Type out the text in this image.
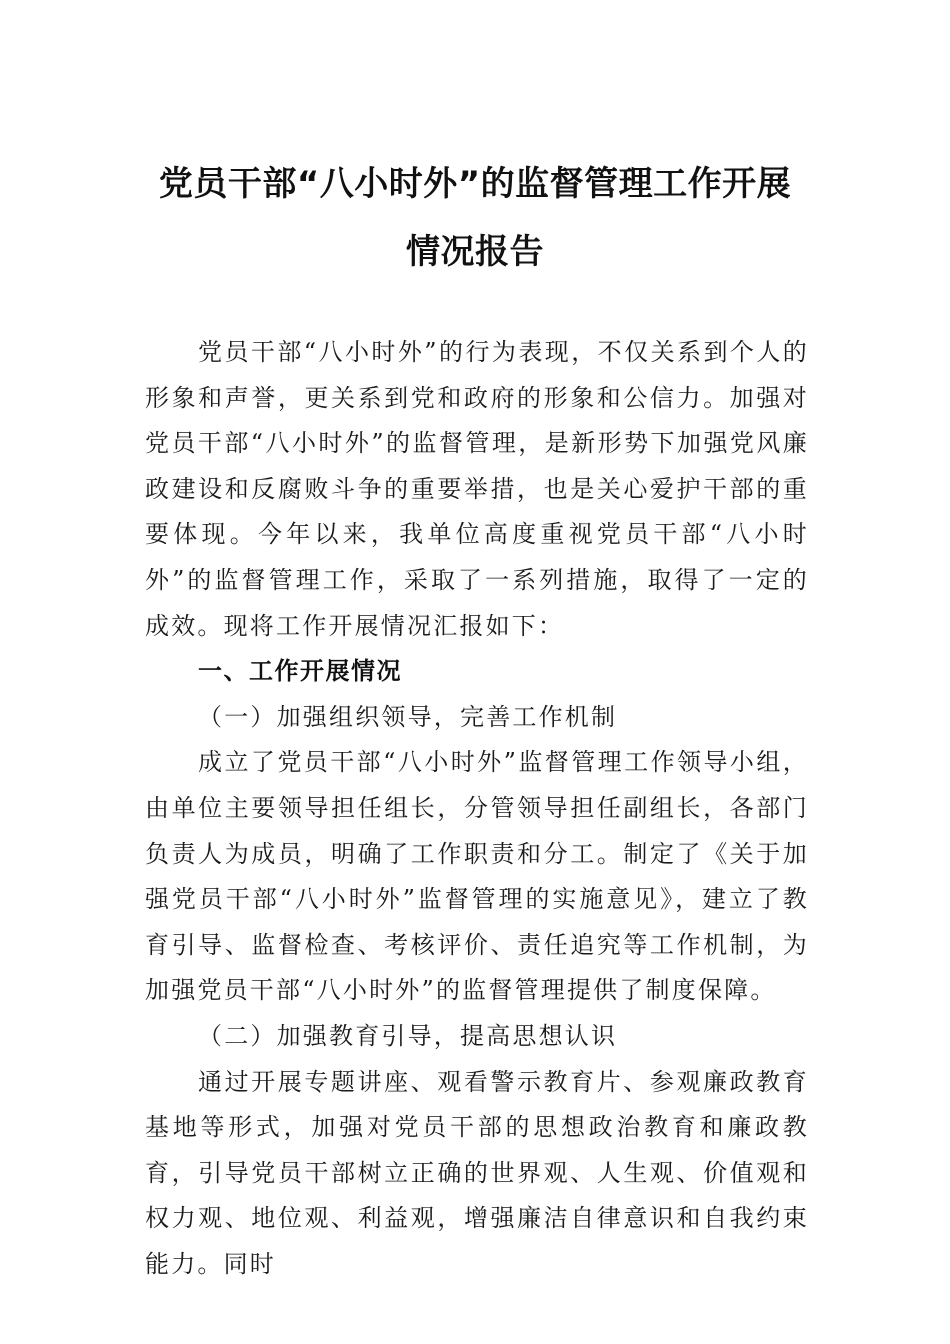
党员干部“八小时外”的监督管理工作开展情况报告

党员干部“八小时外”的行为表现，不仅关系到个人的形象和声誉，更关系到党和政府的形象和公信力。加强对党员干部“八小时外”的监督管理，是新形势下加强党风廉政建设和反腐败斗争的重要举措，也是关心爱护干部的重要体现。今年以来，我单位高度重视党员干部“八小时外”的监督管理工作，采取了一系列措施，取得了一定的成效。现将工作开展情况汇报如下：

一、工作开展情况

（一）加强组织领导，完善工作机制

成立了党员干部“八小时外”监督管理工作领导小组，由单位主要领导担任组长，分管领导担任副组长，各部门负责人为成员，明确了工作职责和分工。制定了《关于加强党员干部“八小时外”监督管理的实施意见》，建立了教育引导、监督检查、考核评价、责任追究等工作机制，为加强党员干部“八小时外”的监督管理提供了制度保障。

（二）加强教育引导，提高思想认识

通过开展专题讲座、观看警示教育片、参观廉政教育基地等形式，加强对党员干部的思想政治教育和廉政教育，引导党员干部树立正确的世界观、人生观、价值观和权力观、地位观、利益观，增强廉洁自律意识和自我约束能力。同时
